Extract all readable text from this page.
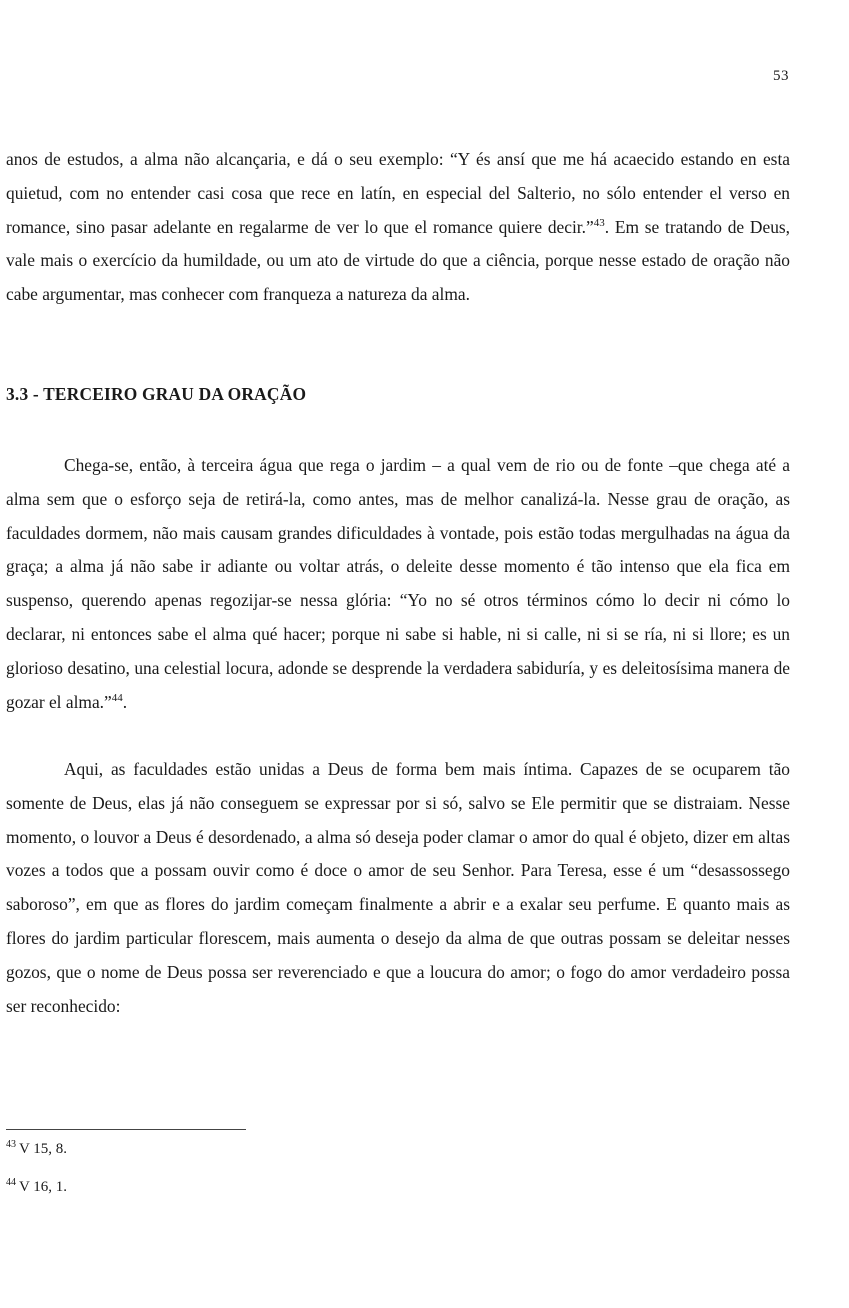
53

anos de estudos, a alma não alcançaria, e dá o seu exemplo: “Y és ansí que me há acaecido estando en esta quietud, com no entender casi cosa que rece en latín, en especial del Salterio, no sólo entender el verso en romance, sino pasar adelante en regalarme de ver lo que el romance quiere decir.”$^{43}$. Em se tratando de Deus, vale mais o exercício da humildade, ou um ato de virtude do que a ciência, porque nesse estado de oração não cabe argumentar, mas conhecer com franqueza a natureza da alma.

3.3 - TERCEIRO GRAU DA ORAÇÃO

Chega-se, então, à terceira água que rega o jardim – a qual vem de rio ou de fonte –que chega até a alma sem que o esforço seja de retirá-la, como antes, mas de melhor canalizá-la. Nesse grau de oração, as faculdades dormem, não mais causam grandes dificuldades à vontade, pois estão todas mergulhadas na água da graça; a alma já não sabe ir adiante ou voltar atrás, o deleite desse momento é tão intenso que ela fica em suspenso, querendo apenas regozijar-se nessa glória: “Yo no sé otros términos cómo lo decir ni cómo lo declarar, ni entonces sabe el alma qué hacer; porque ni sabe si hable, ni si calle, ni si se ría, ni si llore; es un glorioso desatino, una celestial locura, adonde se desprende la verdadera sabiduría, y es deleitosísima manera de gozar el alma.”$^{44}$.

Aqui, as faculdades estão unidas a Deus de forma bem mais íntima. Capazes de se ocuparem tão somente de Deus, elas já não conseguem se expressar por si só, salvo se Ele permitir que se distraiam. Nesse momento, o louvor a Deus é desordenado, a alma só deseja poder clamar o amor do qual é objeto, dizer em altas vozes a todos que a possam ouvir como é doce o amor de seu Senhor. Para Teresa, esse é um “desassossego saboroso”, em que as flores do jardim começam finalmente a abrir e a exalar seu perfume. E quanto mais as flores do jardim particular florescem, mais aumenta o desejo da alma de que outras possam se deleitar nesses gozos, que o nome de Deus possa ser reverenciado e que a loucura do amor; o fogo do amor verdadeiro possa ser reconhecido:

$^{43}$ V 15, 8.

$^{44}$ V 16, 1.
